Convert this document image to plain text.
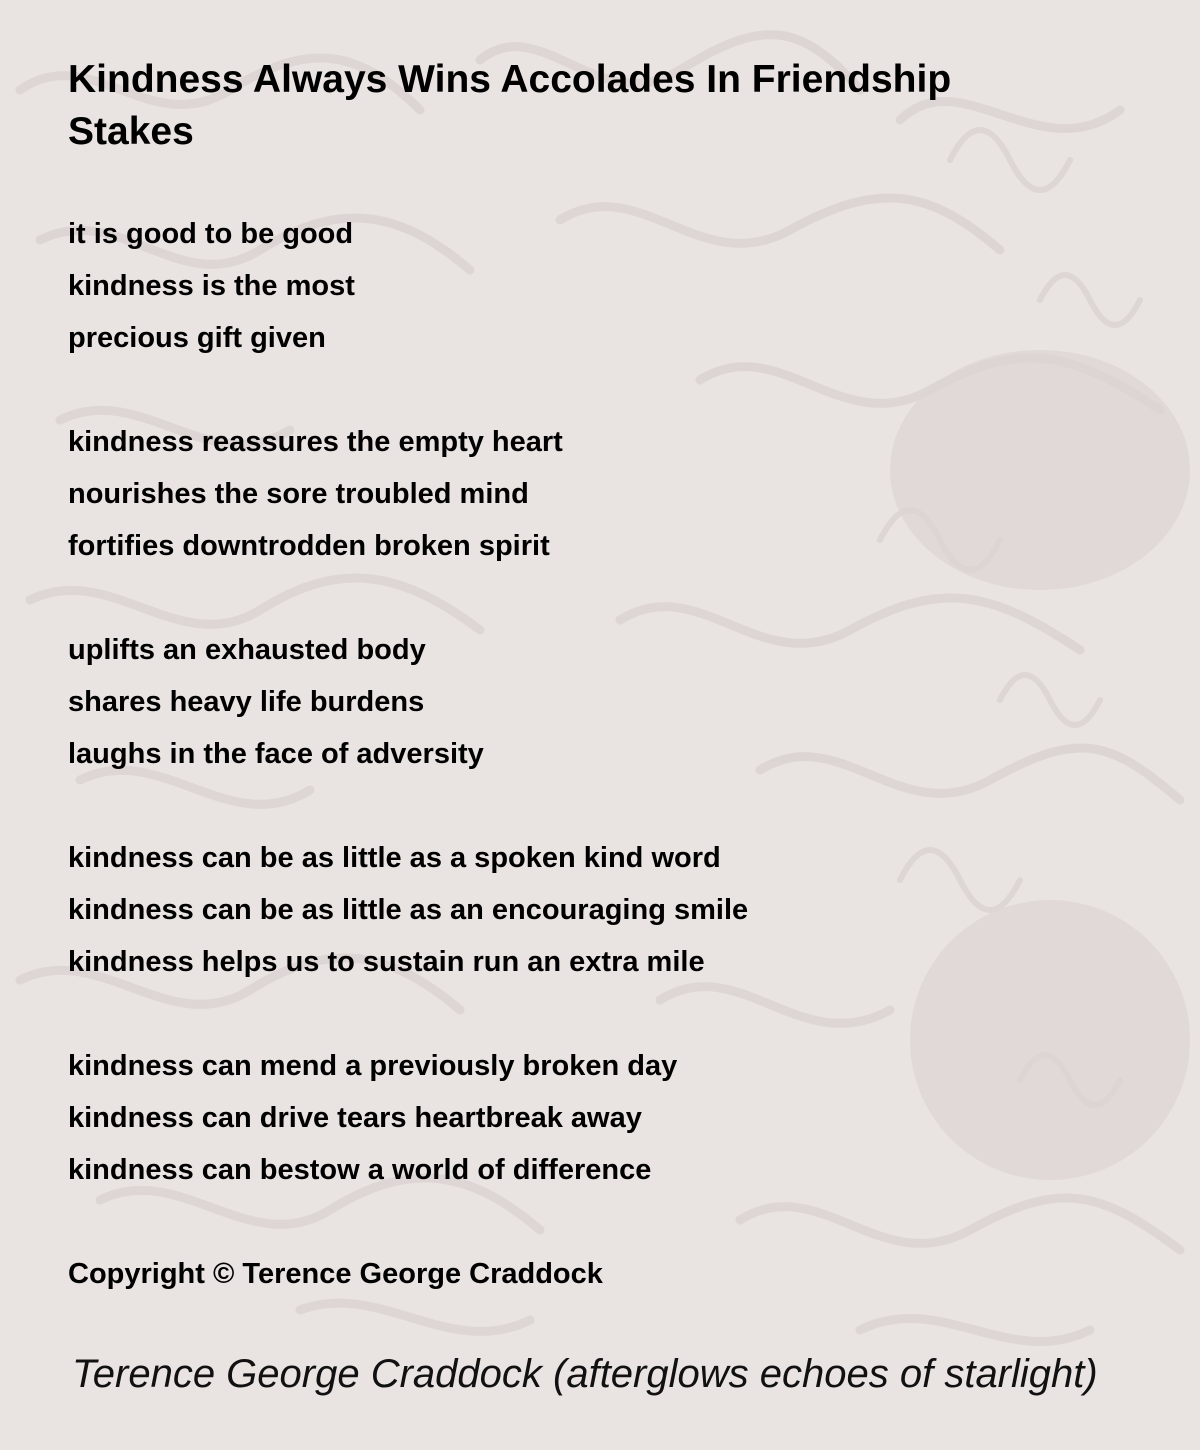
Kindness Always Wins Accolades In Friendship Stakes
it is good to be good
kindness is the most
precious gift given
kindness reassures the empty heart
nourishes the sore troubled mind
fortifies downtrodden broken spirit
uplifts an exhausted body
shares heavy life burdens
laughs in the face of adversity
kindness can be as little as a spoken kind word
kindness can be as little as an encouraging smile
kindness helps us to sustain run an extra mile
kindness can mend a previously broken day
kindness can drive tears heartbreak away
kindness can bestow a world of difference
Copyright © Terence George Craddock
Terence George Craddock (afterglows echoes of starlight)
